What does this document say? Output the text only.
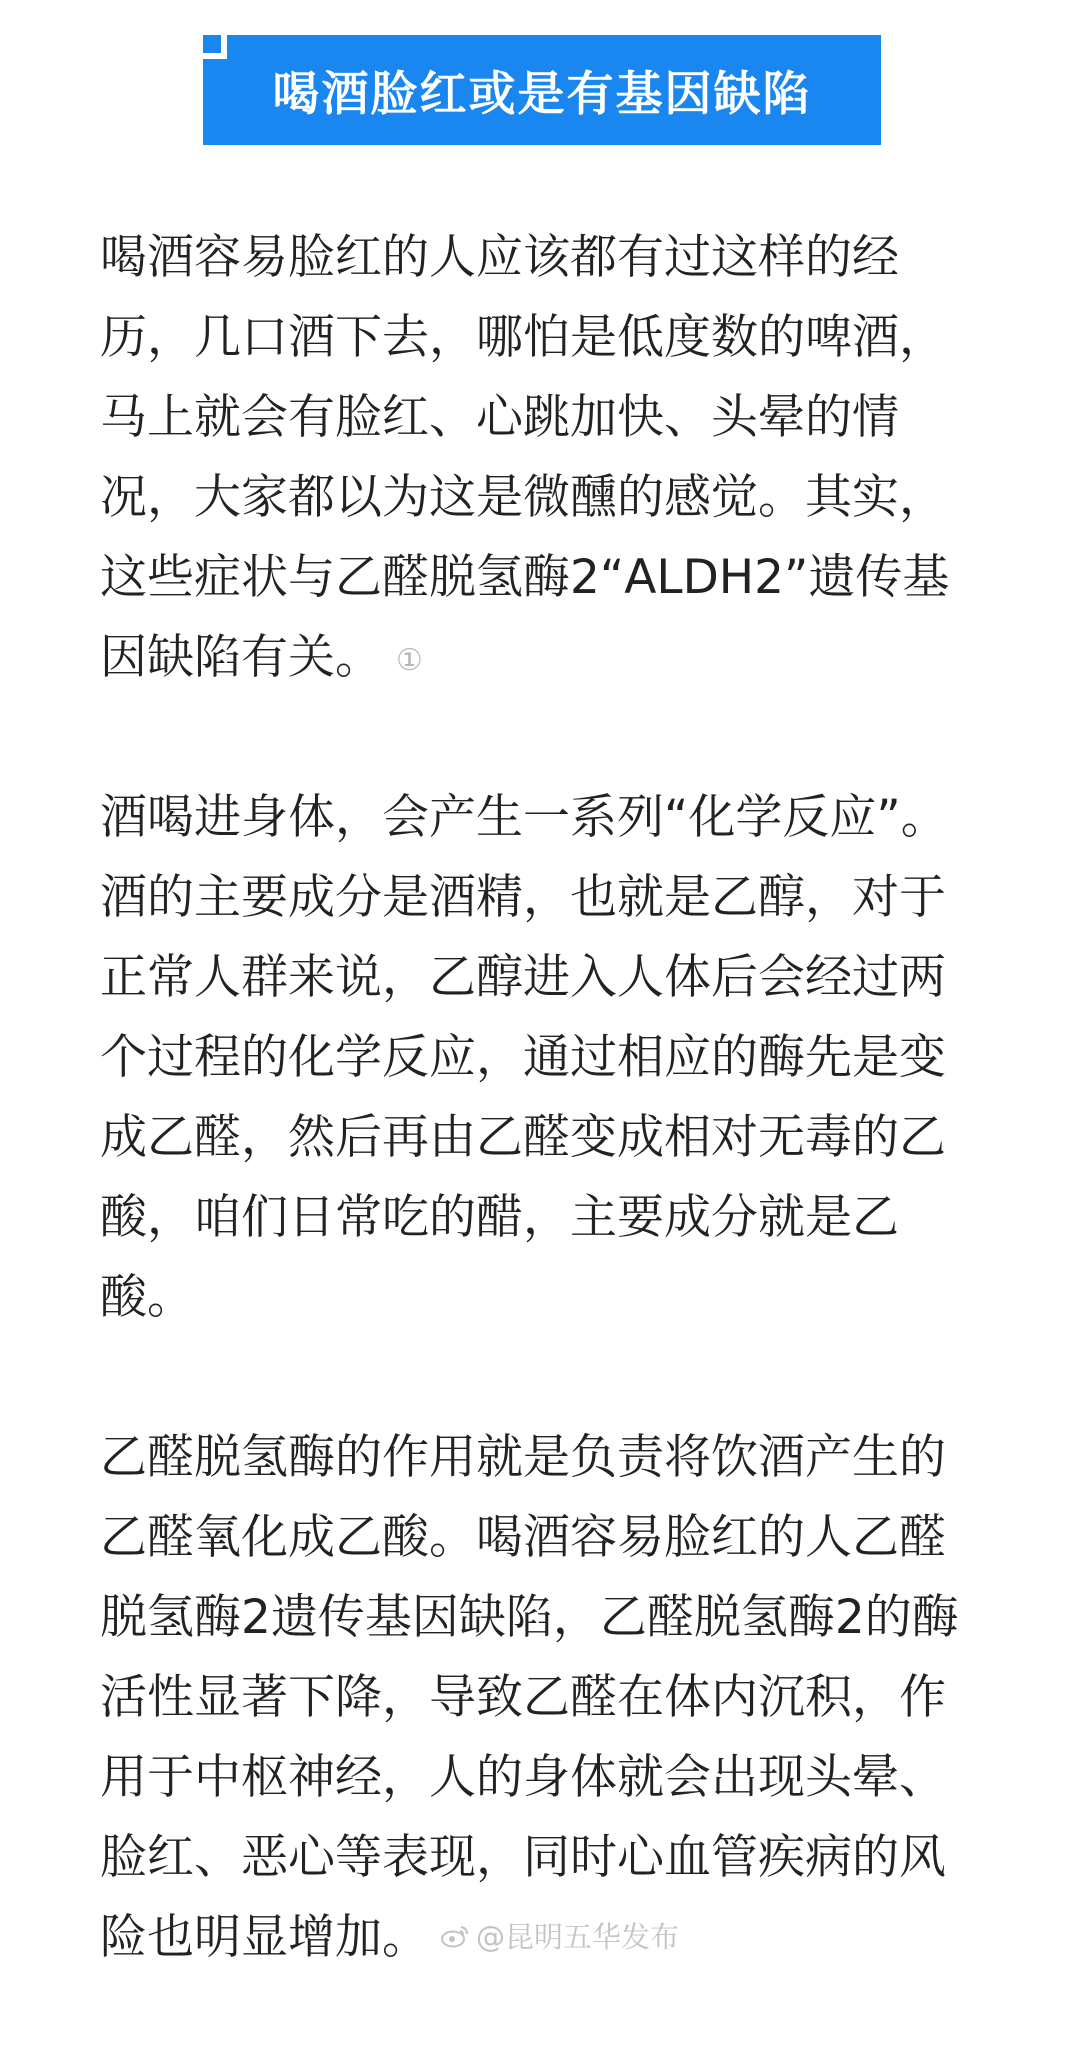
喝酒脸红或是有基因缺陷
喝酒容易脸红的人应该都有过这样的经
历，几口酒下去，哪怕是低度数的啤酒，
马上就会有脸红、心跳加快、头晕的情
况，大家都以为这是微醺的感觉。其实，
这些症状与乙醛脱氢酶2“ALDH2”遗传基
因缺陷有关。 ①
酒喝进身体，会产生一系列“化学反应”。
酒的主要成分是酒精，也就是乙醇，对于
正常人群来说，乙醇进入人体后会经过两
个过程的化学反应，通过相应的酶先是变
成乙醛，然后再由乙醛变成相对无毒的乙
酸，咱们日常吃的醋，主要成分就是乙
酸。
乙醛脱氢酶的作用就是负责将饮酒产生的
乙醛氧化成乙酸。喝酒容易脸红的人乙醛
脱氢酶2遗传基因缺陷，乙醛脱氢酶2的酶
活性显著下降，导致乙醛在体内沉积，作
用于中枢神经，人的身体就会出现头晕、
脸红、恶心等表现，同时心血管疾病的风
险也明显增加。	@昆明五华发布
